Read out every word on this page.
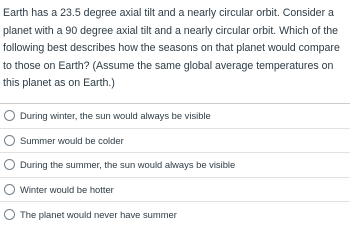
Earth has a 23.5 degree axial tilt and a nearly circular orbit. Consider a planet with a 90 degree axial tilt and a nearly circular orbit. Which of the following best describes how the seasons on that planet would compare to those on Earth? (Assume the same global average temperatures on this planet as on Earth.)
During winter, the sun would always be visible
Summer would be colder
During the summer, the sun would always be visible
Winter would be hotter
The planet would never have summer
